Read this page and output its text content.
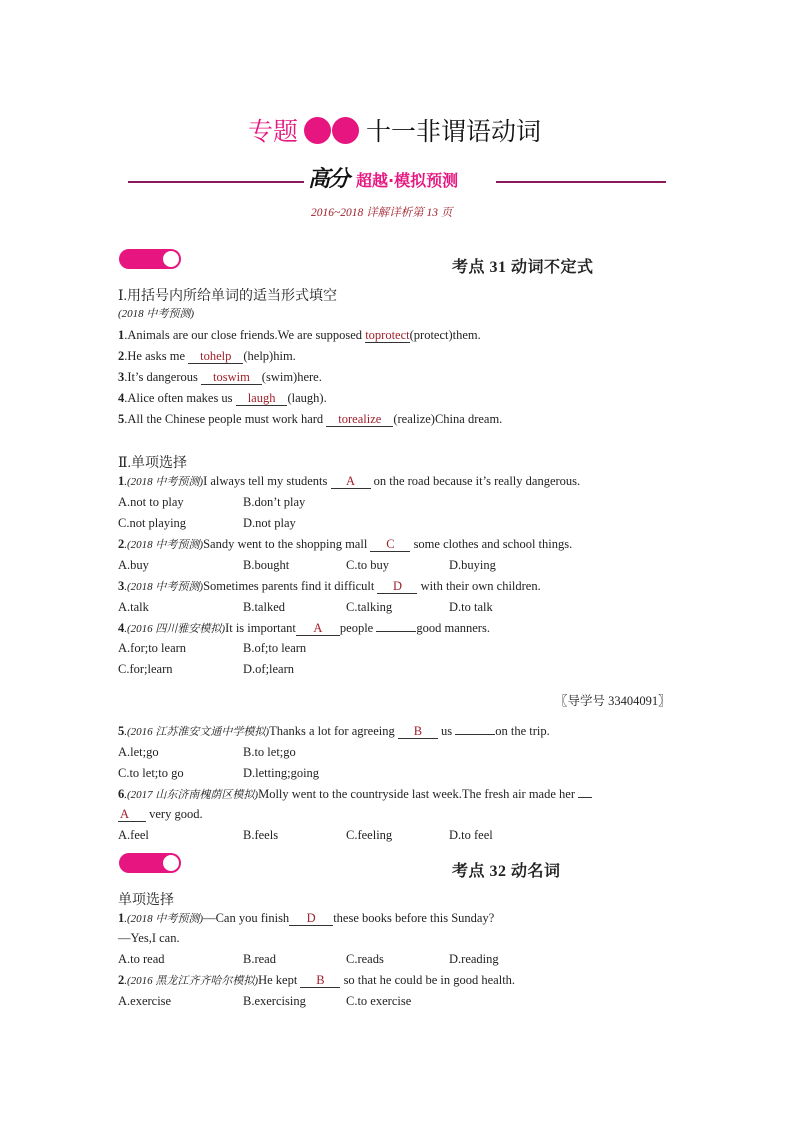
专题	十一非谓语动词
高分 超越·模拟预测
2016~2018 详解详析第 13 页
考点 31 动词不定式
Ⅰ.用括号内所给单词的适当形式填空
(2018 中考预测)
1.Animals are our close friends.We are supposed toprotect(protect)them.
2.He asks me tohelp (help)him.
3.It’s dangerous toswim (swim)here.
4.Alice often makes us laugh (laugh).
5.All the Chinese people must work hard torealize (realize)China dream.
Ⅱ.单项选择
1.(2018 中考预测)I always tell my students A on the road because it’s really dangerous.
A.not to play	B.don’t play
C.not playing	D.not play
2.(2018 中考预测)Sandy went to the shopping mall C some clothes and school things.
A.buy	B.bought	C.to buy	D.buying
3.(2018 中考预测)Sometimes parents find it difficult D with their own children.
A.talk	B.talked	C.talking	D.to talk
4.(2016 四川雅安模拟)It is important A people	good manners.
A.for;to learn	B.of;to learn
C.for;learn	D.of;learn
〖导学号 33404091〗
5.(2016 江苏淮安文通中学模拟)Thanks a lot for agreeing B us	on the trip.
A.let;go	B.to let;go
C.to let;to go	D.letting;going
6.(2017 山东济南槐荫区模拟)Molly went to the countryside last week.The fresh air made her
A very good.
A.feel	B.feels	C.feeling	D.to feel
考点 32 动名词
单项选择
1.(2018 中考预测)—Can you finish D these books before this Sunday?
—Yes,I can.
A.to read	B.read	C.reads	D.reading
2.(2016 黑龙江齐齐哈尔模拟)He kept B so that he could be in good health.
A.exercise	B.exercising	C.to exercise
